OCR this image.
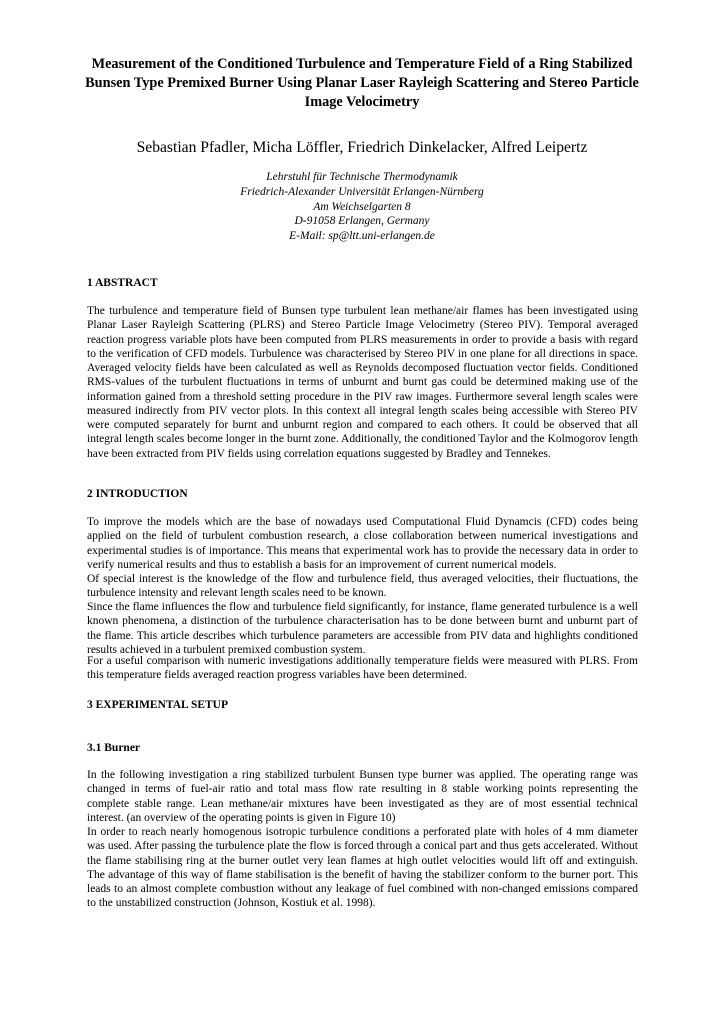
Measurement of the Conditioned Turbulence and Temperature Field of a Ring Stabilized Bunsen Type Premixed Burner Using Planar Laser Rayleigh Scattering and Stereo Particle Image Velocimetry
Sebastian Pfadler, Micha Löffler, Friedrich Dinkelacker, Alfred Leipertz
Lehrstuhl für Technische Thermodynamik
Friedrich-Alexander Universität Erlangen-Nürnberg
Am Weichselgarten 8
D-91058 Erlangen, Germany
E-Mail: sp@ltt.uni-erlangen.de
1 ABSTRACT
The turbulence and temperature field of Bunsen type turbulent lean methane/air flames has been investigated using Planar Laser Rayleigh Scattering (PLRS) and Stereo Particle Image Velocimetry (Stereo PIV). Temporal averaged reaction progress variable plots have been computed from PLRS measurements in order to provide a basis with regard to the verification of CFD models. Turbulence was characterised by Stereo PIV in one plane for all directions in space. Averaged velocity fields have been calculated as well as Reynolds decomposed fluctuation vector fields. Conditioned RMS-values of the turbulent fluctuations in terms of unburnt and burnt gas could be determined making use of the information gained from a threshold setting procedure in the PIV raw images. Furthermore several length scales were measured indirectly from PIV vector plots. In this context all integral length scales being accessible with Stereo PIV were computed separately for burnt and unburnt region and compared to each others. It could be observed that all integral length scales become longer in the burnt zone. Additionally, the conditioned Taylor and the Kolmogorov length have been extracted from PIV fields using correlation equations suggested by Bradley and Tennekes.
2 INTRODUCTION
To improve the models which are the base of nowadays used Computational Fluid Dynamcis (CFD) codes being applied on the field of turbulent combustion research, a close collaboration between numerical investigations and experimental studies is of importance. This means that experimental work has to provide the necessary data in order to verify numerical results and thus to establish a basis for an improvement of current numerical models.
Of special interest is the knowledge of the flow and turbulence field, thus averaged velocities, their fluctuations, the turbulence intensity and relevant length scales need to be known.
Since the flame influences the flow and turbulence field significantly, for instance, flame generated turbulence is a well known phenomena, a distinction of the turbulence characterisation has to be done between burnt and unburnt part of the flame. This article describes which turbulence parameters are accessible from PIV data and highlights conditioned results achieved in a turbulent premixed combustion system.
For a useful comparison with numeric investigations additionally temperature fields were measured with PLRS. From this temperature fields averaged reaction progress variables have been determined.
3 EXPERIMENTAL SETUP
3.1 Burner
In the following investigation a ring stabilized turbulent Bunsen type burner was applied. The operating range was changed in terms of fuel-air ratio and total mass flow rate resulting in 8 stable working points representing the complete stable range. Lean methane/air mixtures have been investigated as they are of most essential technical interest. (an overview of the operating points is given in Figure 10)
In order to reach nearly homogenous isotropic turbulence conditions a perforated plate with holes of 4 mm diameter was used. After passing the turbulence plate the flow is forced through a conical part and thus gets accelerated. Without the flame stabilising ring at the burner outlet very lean flames at high outlet velocities would lift off and extinguish. The advantage of this way of flame stabilisation is the benefit of having the stabilizer conform to the burner port. This leads to an almost complete combustion without any leakage of fuel combined with non-changed emissions compared to the unstabilized construction (Johnson, Kostiuk et al. 1998).
